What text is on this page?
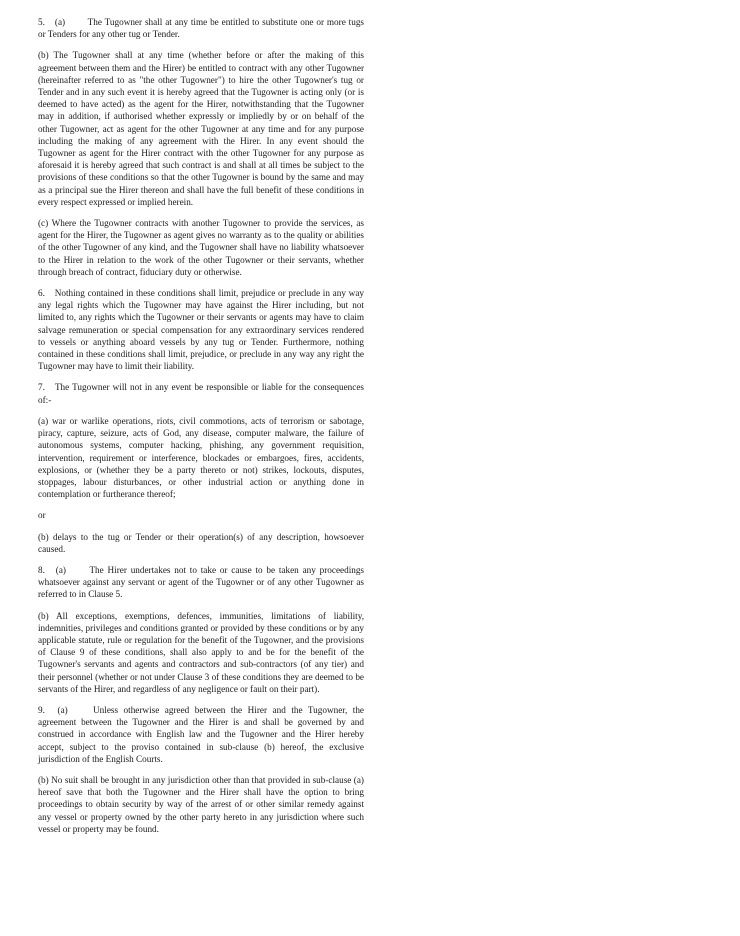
5. (a) The Tugowner shall at any time be entitled to substitute one or more tugs or Tenders for any other tug or Tender.

(b) The Tugowner shall at any time (whether before or after the making of this agreement between them and the Hirer) be entitled to contract with any other Tugowner (hereinafter referred to as "the other Tugowner") to hire the other Tugowner's tug or Tender and in any such event it is hereby agreed that the Tugowner is acting only (or is deemed to have acted) as the agent for the Hirer, notwithstanding that the Tugowner may in addition, if authorised whether expressly or impliedly by or on behalf of the other Tugowner, act as agent for the other Tugowner at any time and for any purpose including the making of any agreement with the Hirer. In any event should the Tugowner as agent for the Hirer contract with the other Tugowner for any purpose as aforesaid it is hereby agreed that such contract is and shall at all times be subject to the provisions of these conditions so that the other Tugowner is bound by the same and may as a principal sue the Hirer thereon and shall have the full benefit of these conditions in every respect expressed or implied herein.

(c) Where the Tugowner contracts with another Tugowner to provide the services, as agent for the Hirer, the Tugowner as agent gives no warranty as to the quality or abilities of the other Tugowner of any kind, and the Tugowner shall have no liability whatsoever to the Hirer in relation to the work of the other Tugowner or their servants, whether through breach of contract, fiduciary duty or otherwise.

6. Nothing contained in these conditions shall limit, prejudice or preclude in any way any legal rights which the Tugowner may have against the Hirer including, but not limited to, any rights which the Tugowner or their servants or agents may have to claim salvage remuneration or special compensation for any extraordinary services rendered to vessels or anything aboard vessels by any tug or Tender. Furthermore, nothing contained in these conditions shall limit, prejudice, or preclude in any way any right the Tugowner may have to limit their liability.

7. The Tugowner will not in any event be responsible or liable for the consequences of:-

(a) war or warlike operations, riots, civil commotions, acts of terrorism or sabotage, piracy, capture, seizure, acts of God, any disease, computer malware, the failure of autonomous systems, computer hacking, phishing, any government requisition, intervention, requirement or interference, blockades or embargoes, fires, accidents, explosions, or (whether they be a party thereto or not) strikes, lockouts, disputes, stoppages, labour disturbances, or other industrial action or anything done in contemplation or furtherance thereof;

or

(b) delays to the tug or Tender or their operation(s) of any description, howsoever caused.

8. (a)	The Hirer undertakes not to take or cause to be taken any proceedings whatsoever against any servant or agent of the Tugowner or of any other Tugowner as referred to in Clause 5.

(b) All exceptions, exemptions, defences, immunities, limitations of liability, indemnities, privileges and conditions granted or provided by these conditions or by any applicable statute, rule or regulation for the benefit of the Tugowner, and the provisions of Clause 9 of these conditions, shall also apply to and be for the benefit of the Tugowner's servants and agents and contractors and sub-contractors (of any tier) and their personnel (whether or not under Clause 3 of these conditions they are deemed to be servants of the Hirer, and regardless of any negligence or fault on their part).

9. (a)	Unless otherwise agreed between the Hirer and the Tugowner, the agreement between the Tugowner and the Hirer is and shall be governed by and construed in accordance with English law and the Tugowner and the Hirer hereby accept, subject to the proviso contained in sub-clause (b) hereof, the exclusive jurisdiction of the English Courts.

(b) No suit shall be brought in any jurisdiction other than that provided in sub-clause (a) hereof save that both the Tugowner and the Hirer shall have the option to bring proceedings to obtain security by way of the arrest of or other similar remedy against any vessel or property owned by the other party hereto in any jurisdiction where such vessel or property may be found.
